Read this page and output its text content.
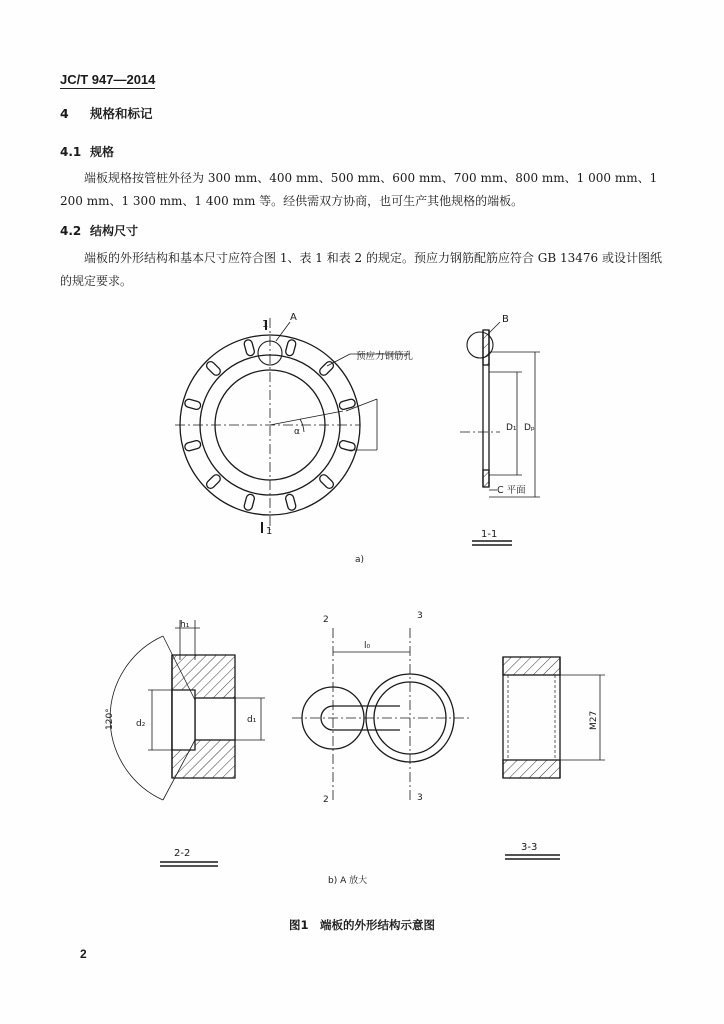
JC/T 947—2014
4 规格和标记
4.1 规格

端板规格按管桩外径为 300 mm、400 mm、500 mm、600 mm、700 mm、800 mm、1 000 mm、1 200 mm、1 300 mm、1 400 mm 等。经供需双方协商，也可生产其他规格的端板。

4.2 结构尺寸

端板的外形结构和基本尺寸应符合图 1、表 1 和表 2 的规定。预应力钢筋配筋应符合 GB 13476 或设计图纸的规定要求。

1
A
1
预应力钢筋孔
α
B
D₁ Dₚ
C 平面
1-1
a)
h₁
120° d₂	d₁
2-2
l₀
2	3
2	3
M27
3-3
b) A 放大
图1　端板的外形结构示意图
2
